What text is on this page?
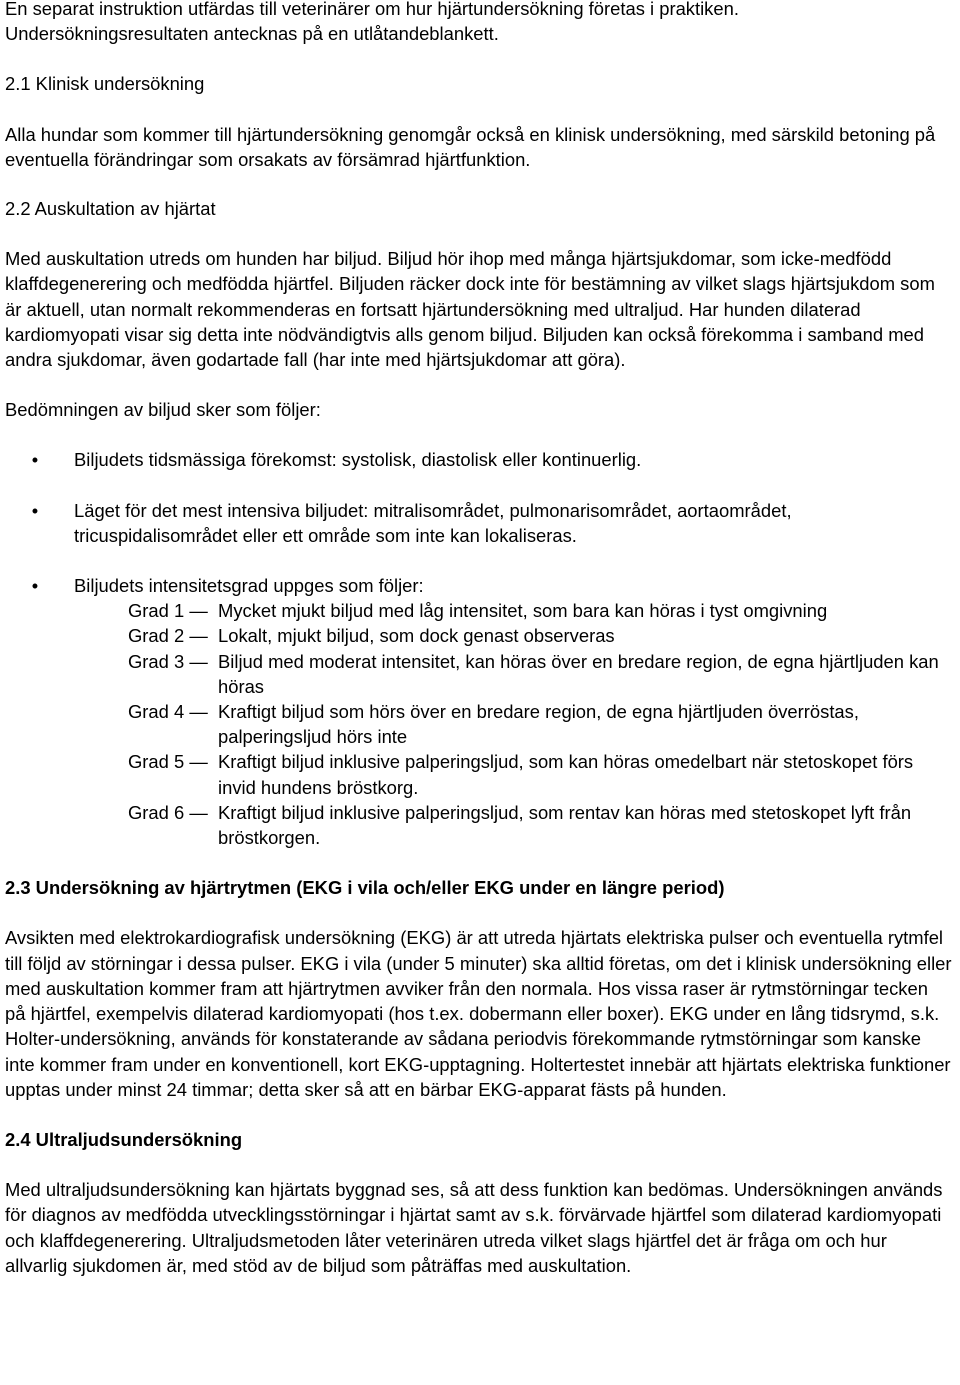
En separat instruktion utfärdas till veterinärer om hur hjärtundersökning företas i praktiken.

Undersökningsresultaten antecknas på en utlåtandeblankett.

2.1 Klinisk undersökning

Alla hundar som kommer till hjärtundersökning genomgår också en klinisk undersökning, med särskild betoning på eventuella förändringar som orsakats av försämrad hjärtfunktion.

2.2 Auskultation av hjärtat

Med auskultation utreds om hunden har biljud. Biljud hör ihop med många hjärtsjukdomar, som icke-medfödd klaffdegenerering och medfödda hjärtfel. Biljuden räcker dock inte för bestämning av vilket slags hjärtsjukdom som är aktuell, utan normalt rekommenderas en fortsatt hjärtundersökning med ultraljud. Har hunden dilaterad kardiomyopati visar sig detta inte nödvändigtvis alls genom biljud. Biljuden kan också förekomma i samband med andra sjukdomar, även godartade fall (har inte med hjärtsjukdomar att göra).

Bedömningen av biljud sker som följer:

•	Biljudets tidsmässiga förekomst: systolisk, diastolisk eller kontinuerlig.
•	Läget för det mest intensiva biljudet: mitralisområdet, pulmonarisområdet, aortaområdet, tricuspidalisområdet eller ett område som inte kan lokaliseras.
•	Biljudets intensitetsgrad uppges som följer:
Grad 1 — Mycket mjukt biljud med låg intensitet, som bara kan höras i tyst omgivning
Grad 2 — Lokalt, mjukt biljud, som dock genast observeras
Grad 3 — Biljud med moderat intensitet, kan höras över en bredare region, de egna hjärtljuden kan höras
Grad 4 — Kraftigt biljud som hörs över en bredare region, de egna hjärtljuden överröstas, palperingsljud hörs inte
Grad 5 — Kraftigt biljud inklusive palperingsljud, som kan höras omedelbart när stetoskopet förs invid hundens bröstkorg.
Grad 6 — Kraftigt biljud inklusive palperingsljud, som rentav kan höras med stetoskopet lyft från bröstkorgen.
2.3 Undersökning av hjärtrytmen (EKG i vila och/eller EKG under en längre period)

Avsikten med elektrokardiografisk undersökning (EKG) är att utreda hjärtats elektriska pulser och eventuella rytmfel till följd av störningar i dessa pulser. EKG i vila (under 5 minuter) ska alltid företas, om det i klinisk undersökning eller med auskultation kommer fram att hjärtrytmen avviker från den normala. Hos vissa raser är rytmstörningar tecken på hjärtfel, exempelvis dilaterad kardiomyopati (hos t.ex. dobermann eller boxer). EKG under en lång tidsrymd, s.k. Holter-undersökning, används för konstaterande av sådana periodvis förekommande rytmstörningar som kanske inte kommer fram under en konventionell, kort EKG-upptagning. Holtertestet innebär att hjärtats elektriska funktioner upptas under minst 24 timmar; detta sker så att en bärbar EKG-apparat fästs på hunden.

2.4 Ultraljudsundersökning

Med ultraljudsundersökning kan hjärtats byggnad ses, så att dess funktion kan bedömas. Undersökningen används för diagnos av medfödda utvecklingsstörningar i hjärtat samt av s.k. förvärvade hjärtfel som dilaterad kardiomyopati och klaffdegenerering. Ultraljudsmetoden låter veterinären utreda vilket slags hjärtfel det är fråga om och hur allvarlig sjukdomen är, med stöd av de biljud som påträffas med auskultation.
